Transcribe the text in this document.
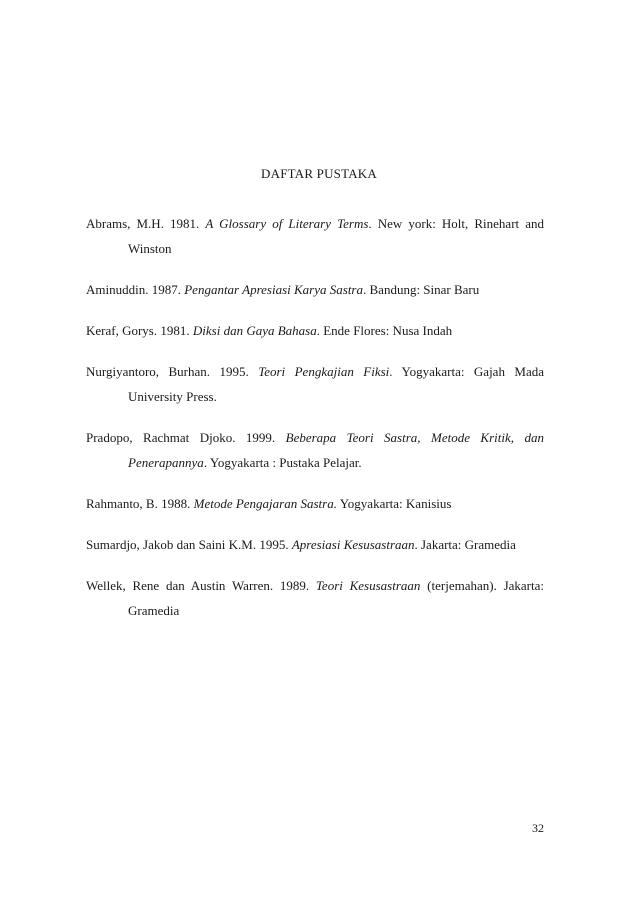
DAFTAR PUSTAKA
Abrams, M.H. 1981. A Glossary of Literary Terms. New york: Holt, Rinehart and Winston
Aminuddin. 1987. Pengantar Apresiasi Karya Sastra. Bandung: Sinar Baru
Keraf, Gorys. 1981. Diksi dan Gaya Bahasa. Ende Flores: Nusa Indah
Nurgiyantoro, Burhan. 1995. Teori Pengkajian Fiksi. Yogyakarta: Gajah Mada University Press.
Pradopo, Rachmat Djoko. 1999. Beberapa Teori Sastra, Metode Kritik, dan Penerapannya. Yogyakarta : Pustaka Pelajar.
Rahmanto, B. 1988. Metode Pengajaran Sastra. Yogyakarta: Kanisius
Sumardjo, Jakob dan Saini K.M. 1995. Apresiasi Kesusastraan. Jakarta: Gramedia
Wellek, Rene dan Austin Warren. 1989. Teori Kesusastraan (terjemahan). Jakarta: Gramedia
32
